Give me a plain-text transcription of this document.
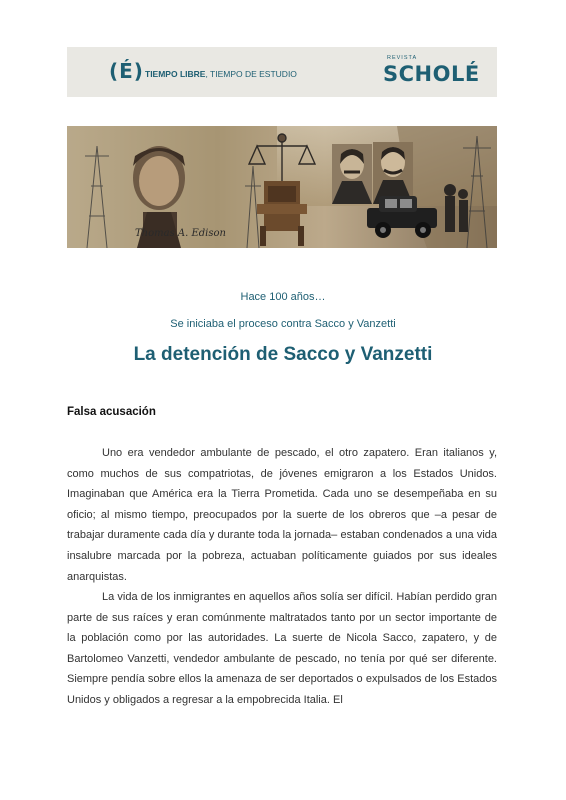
(É) TIEMPO LIBRE, TIEMPO DE ESTUDIO
REVISTA
SCHOLÉ
Thomas A. Edison
Hace 100 años…
Se iniciaba el proceso contra Sacco y Vanzetti
La detención de Sacco y Vanzetti
Falsa acusación

Uno era vendedor ambulante de pescado, el otro zapatero. Eran italianos y, como muchos de sus compatriotas, de jóvenes emigraron a los Estados Unidos. Imaginaban que América era la Tierra Prometida. Cada uno se desempeñaba en su oficio; al mismo tiempo, preocupados por la suerte de los obreros que –a pesar de trabajar duramente cada día y durante toda la jornada– estaban condenados a una vida insalubre marcada por la pobreza, actuaban políticamente guiados por sus ideales anarquistas.

La vida de los inmigrantes en aquellos años solía ser difícil. Habían perdido gran parte de sus raíces y eran comúnmente maltratados tanto por un sector importante de la población como por las autoridades. La suerte de Nicola Sacco, zapatero, y de Bartolomeo Vanzetti, vendedor ambulante de pescado, no tenía por qué ser diferente. Siempre pendía sobre ellos la amenaza de ser deportados o expulsados de los Estados Unidos y obligados a regresar a la empobrecida Italia. El
